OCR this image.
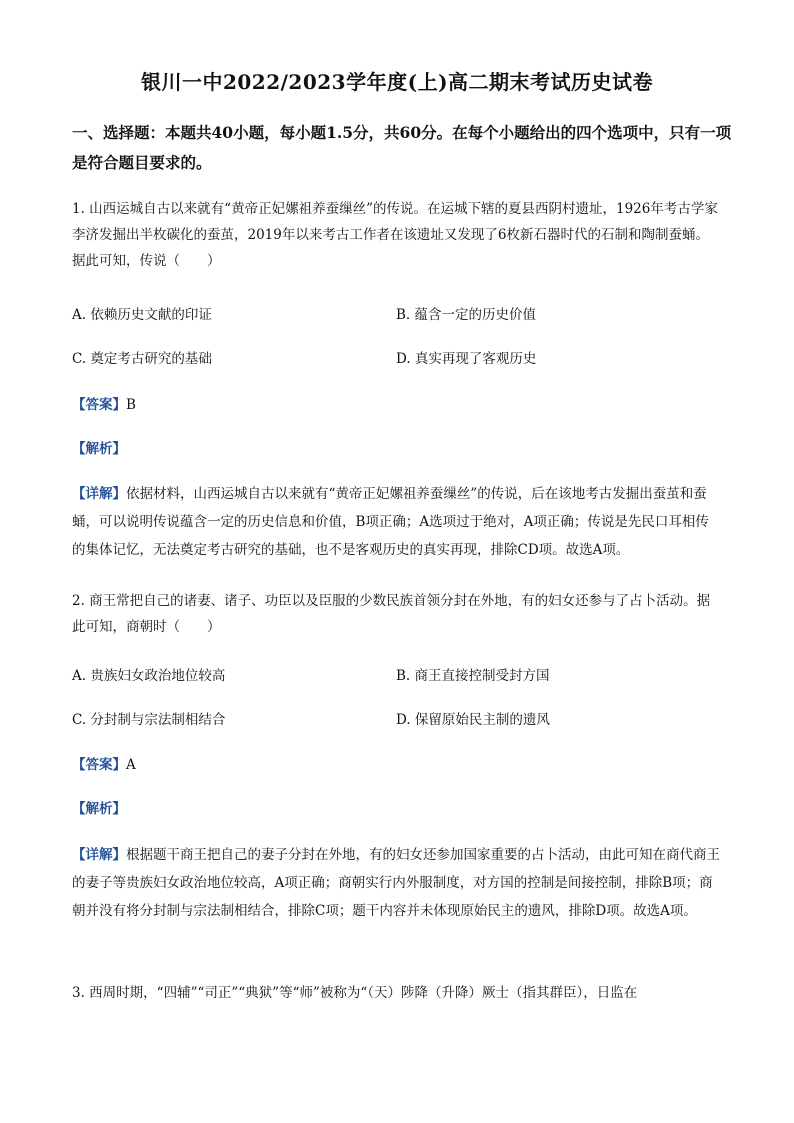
银川一中2022/2023学年度(上)高二期末考试历史试卷
一、选择题：本题共40小题，每小题1.5分，共60分。在每个小题给出的四个选项中，只有一项是符合题目要求的。
1. 山西运城自古以来就有“黄帝正妃嫘祖养蚕缫丝”的传说。在运城下辖的夏县西阴村遗址，1926年考古学家李济发掘出半枚碳化的蚕茧，2019年以来考古工作者在该遗址又发现了6枚新石器时代的石制和陶制蚕蛹。据此可知，传说（　　）
A. 依赖历史文献的印证	B. 蕴含一定的历史价值
C. 奠定考古研究的基础	D. 真实再现了客观历史
【答案】B
【解析】
【详解】依据材料，山西运城自古以来就有“黄帝正妃嫘祖养蚕缫丝”的传说，后在该地考古发掘出蚕茧和蚕蛹，可以说明传说蕴含一定的历史信息和价值，B项正确；A选项过于绝对，A项正确；传说是先民口耳相传的集体记忆，无法奠定考古研究的基础，也不是客观历史的真实再现，排除CD项。故选A项。
2. 商王常把自己的诸妻、诸子、功臣以及臣服的少数民族首领分封在外地，有的妇女还参与了占卜活动。据此可知，商朝时（　　）
A. 贵族妇女政治地位较高	B. 商王直接控制受封方国
C. 分封制与宗法制相结合	D. 保留原始民主制的遗风
【答案】A
【解析】
【详解】根据题干商王把自己的妻子分封在外地，有的妇女还参加国家重要的占卜活动，由此可知在商代商王的妻子等贵族妇女政治地位较高，A项正确；商朝实行内外服制度，对方国的控制是间接控制，排除B项；商朝并没有将分封制与宗法制相结合，排除C项；题干内容并未体现原始民主的遗风，排除D项。故选A项。
3. 西周时期，“四辅”“司正”“典狱”等“师”被称为“（天）陟降（升降）厥士（指其群臣），日监在
